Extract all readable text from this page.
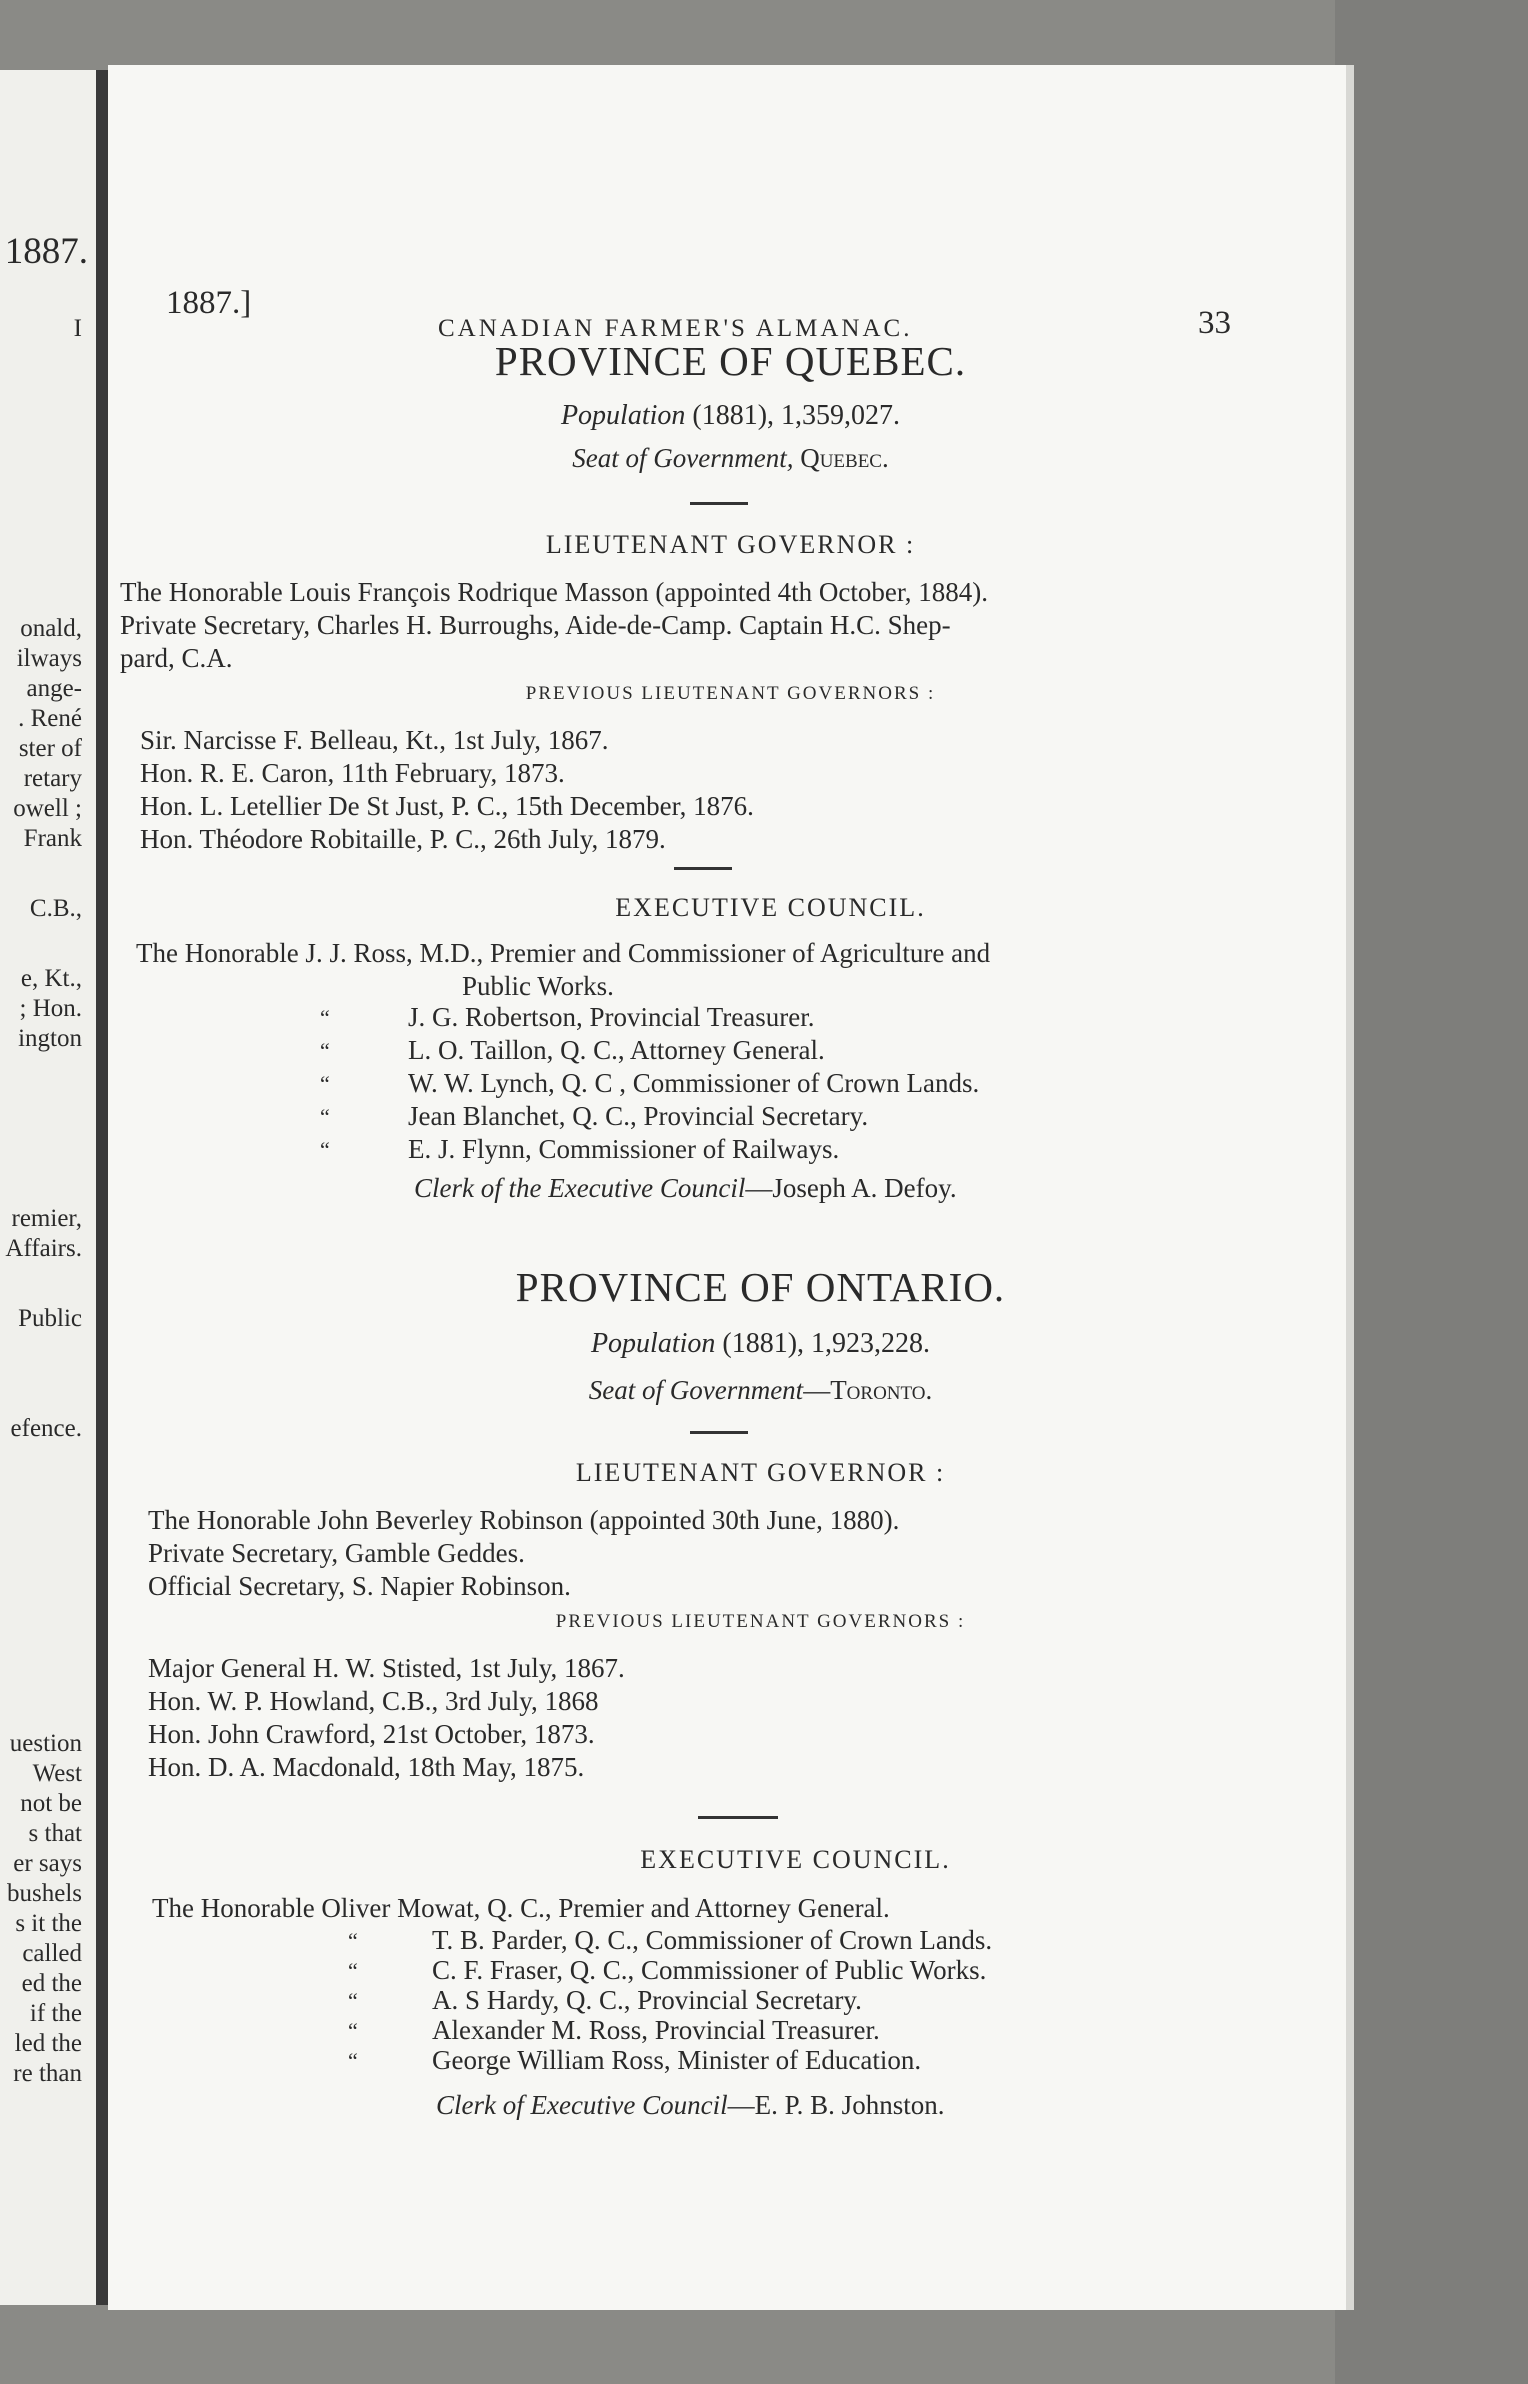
1887.
I
onald,
ilways
ange-
. René
ster of
retary
owell ;
Frank
C.B.,
e, Kt.,
; Hon.
ington
remier,
Affairs.
Public
efence.
uestion
West
not be
s that
er says
bushels
s it the
called
ed the
if the
led the
re than
1887.]
CANADIAN FARMER'S ALMANAC.	33
PROVINCE OF QUEBEC.
Population (1881), 1,359,027.
Seat of Government, Quebec.
LIEUTENANT GOVERNOR :
The Honorable Louis François Rodrique Masson (appointed 4th October, 1884).
Private Secretary, Charles H. Burroughs, Aide-de-Camp. Captain H.C. Shep-
pard, C.A.
PREVIOUS LIEUTENANT GOVERNORS :
Sir. Narcisse F. Belleau, Kt., 1st July, 1867.
Hon. R. E. Caron, 11th February, 1873.
Hon. L. Letellier De St Just, P. C., 15th December, 1876.
Hon. Théodore Robitaille, P. C., 26th July, 1879.
EXECUTIVE COUNCIL.
The Honorable J. J. Ross, M.D., Premier and Commissioner of Agriculture and
Public Works.
“	J. G. Robertson, Provincial Treasurer.
“	L. O. Taillon, Q. C., Attorney General.
“	W. W. Lynch, Q. C , Commissioner of Crown Lands.
“	Jean Blanchet, Q. C., Provincial Secretary.
“	E. J. Flynn, Commissioner of Railways.
Clerk of the Executive Council—Joseph A. Defoy.
PROVINCE OF ONTARIO.
Population (1881), 1,923,228.
Seat of Government—Toronto.
LIEUTENANT GOVERNOR :
The Honorable John Beverley Robinson (appointed 30th June, 1880).
Private Secretary, Gamble Geddes.
Official Secretary, S. Napier Robinson.
PREVIOUS LIEUTENANT GOVERNORS :
Major General H. W. Stisted, 1st July, 1867.
Hon. W. P. Howland, C.B., 3rd July, 1868
Hon. John Crawford, 21st October, 1873.
Hon. D. A. Macdonald, 18th May, 1875.
EXECUTIVE COUNCIL.
The Honorable Oliver Mowat, Q. C., Premier and Attorney General.
“	T. B. Parder, Q. C., Commissioner of Crown Lands.
“	C. F. Fraser, Q. C., Commissioner of Public Works.
“	A. S Hardy, Q. C., Provincial Secretary.
“	Alexander M. Ross, Provincial Treasurer.
“	George William Ross, Minister of Education.
Clerk of Executive Council—E. P. B. Johnston.
